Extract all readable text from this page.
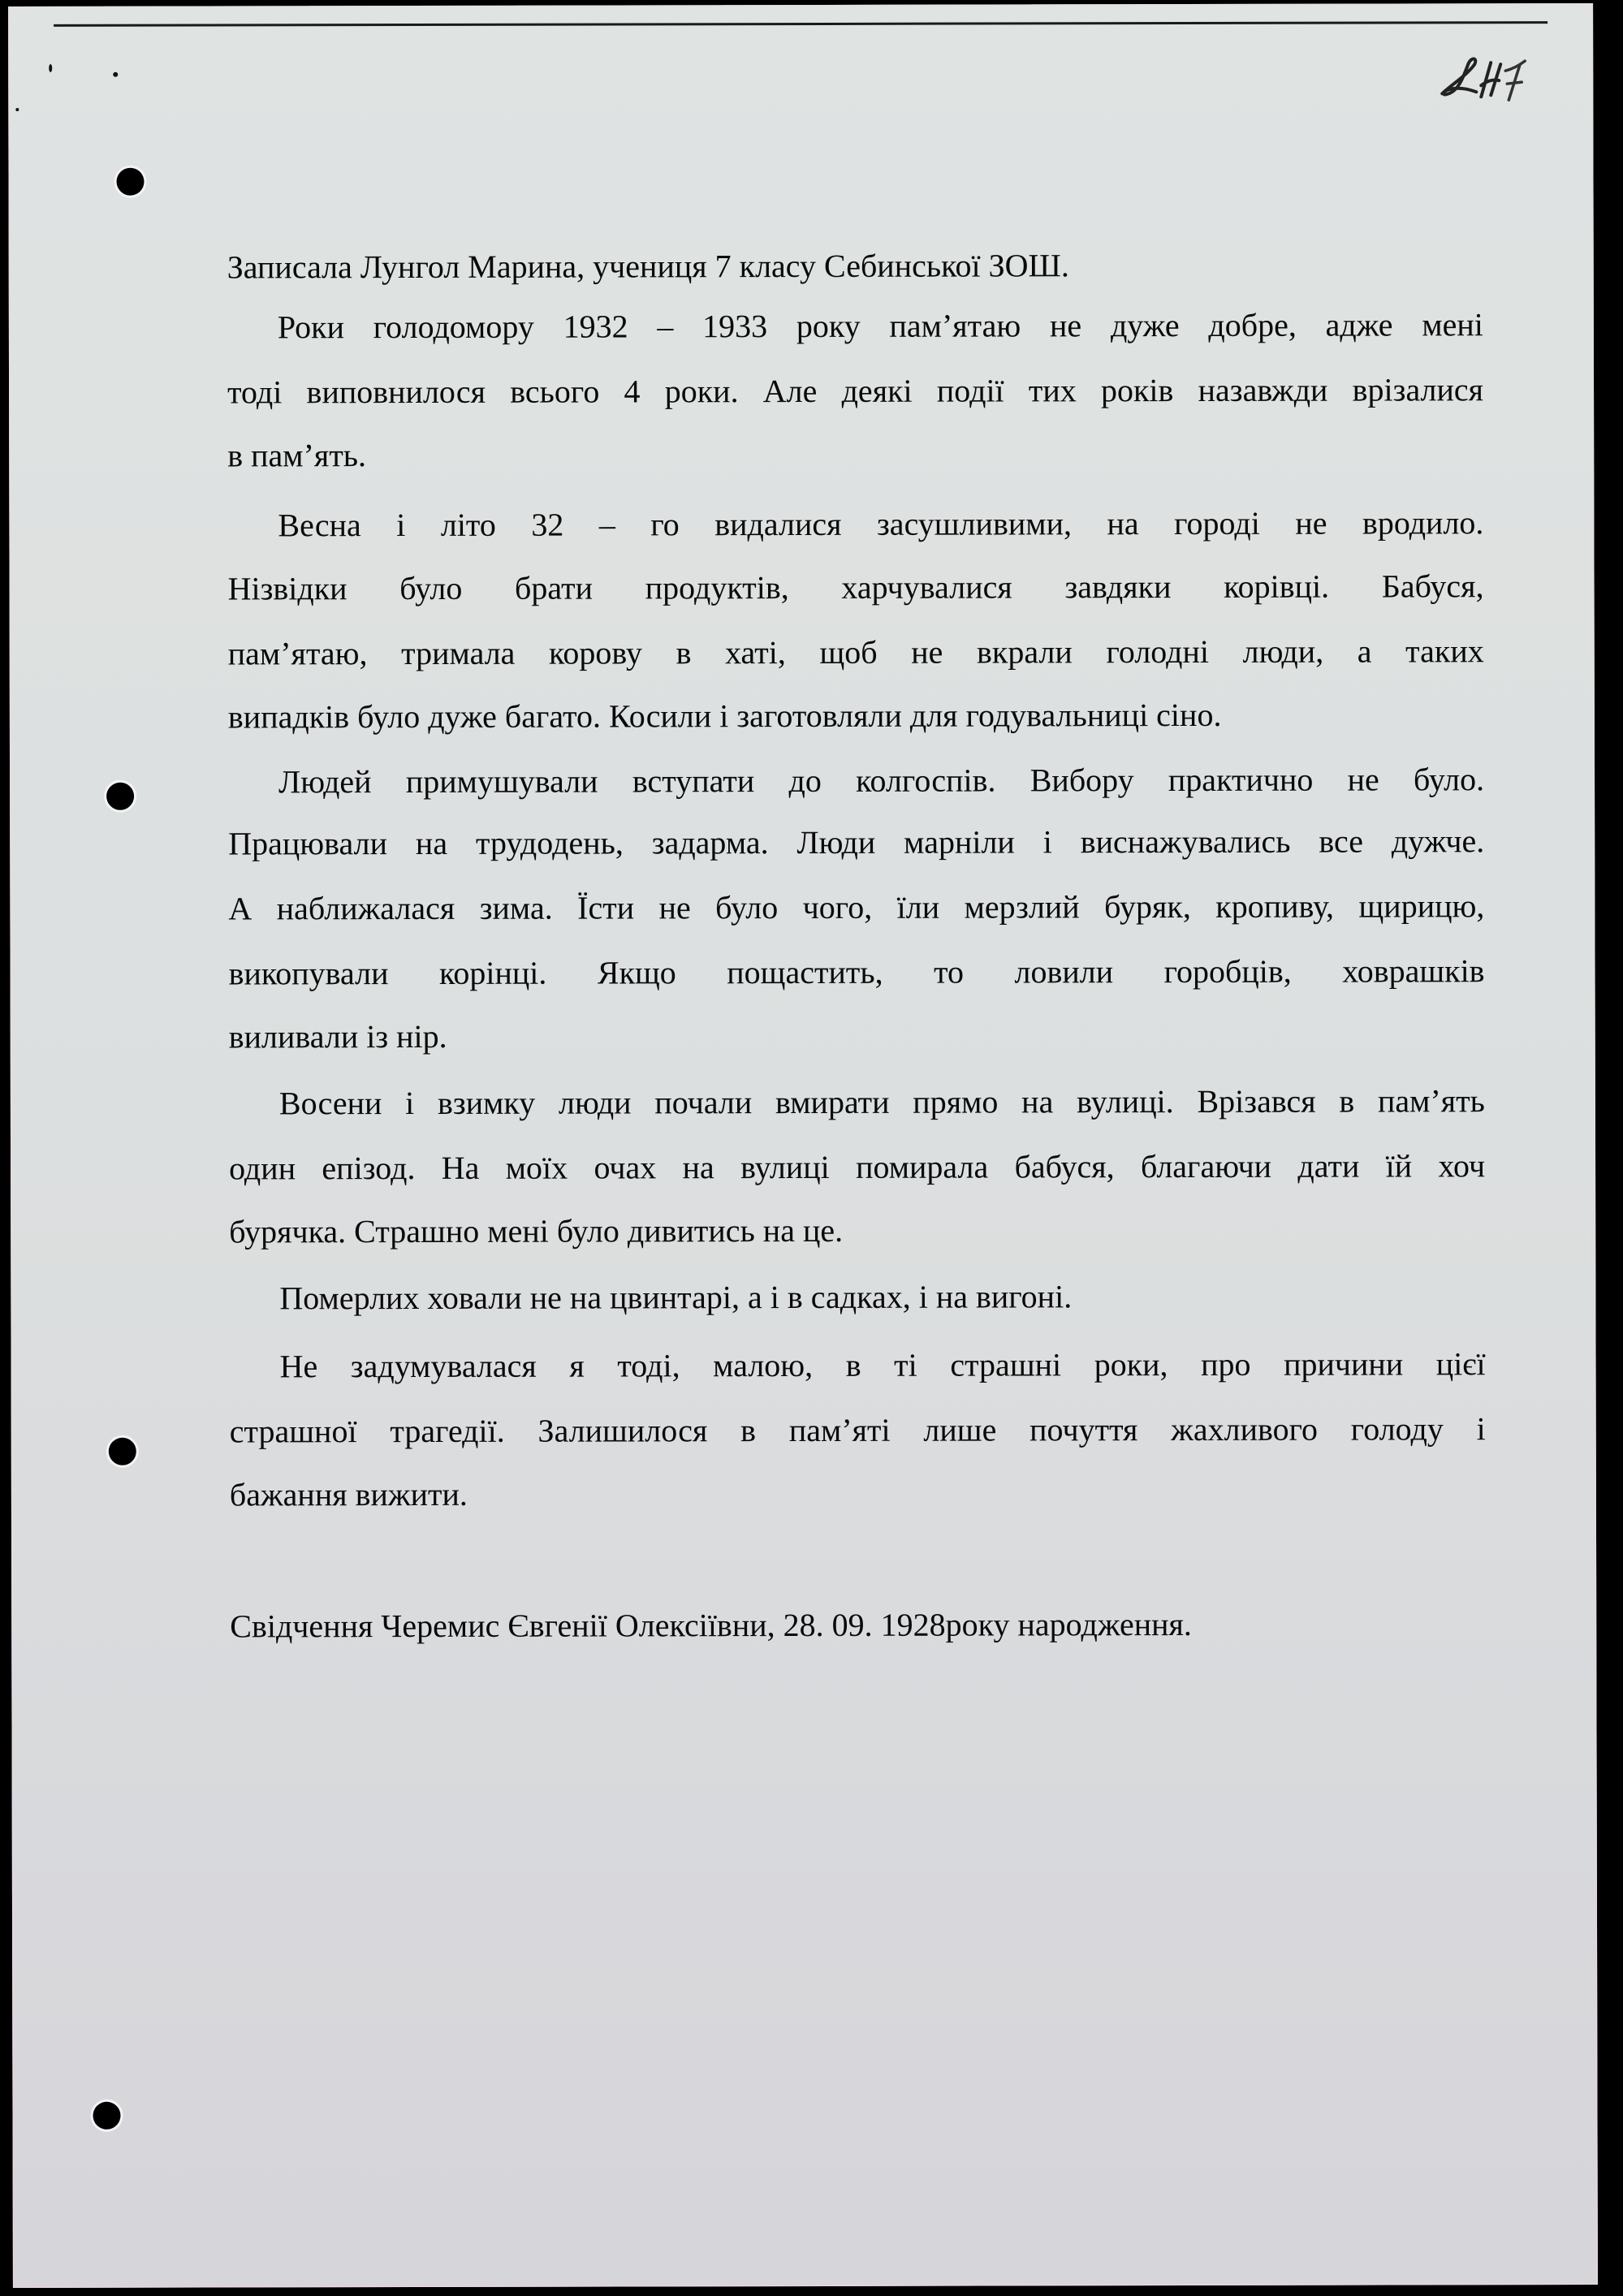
Записала Лунгол Марина, учениця 7 класу Себинської ЗОШ.
Роки голодомору 1932 – 1933 року пам’ятаю не дуже добре, адже мені
тоді виповнилося всього 4 роки. Але деякі події тих років назавжди врізалися
в пам’ять.
Весна і літо 32 – го видалися засушливими, на городі не вродило.
Нізвідки було брати продуктів, харчувалися завдяки корівці. Бабуся,
пам’ятаю, тримала корову в хаті, щоб не вкрали голодні люди, а таких
випадків було дуже багато. Косили і заготовляли для годувальниці сіно.
Людей примушували вступати до колгоспів. Вибору практично не було.
Працювали на трудодень, задарма. Люди марніли і виснажувались все дужче.
А наближалася зима. Їсти не було чого, їли мерзлий буряк, кропиву, щирицю,
викопували корінці. Якщо пощастить, то ловили горобців, ховрашків
виливали із нір.
Восени і взимку люди почали вмирати прямо на вулиці. Врізався в пам’ять
один епізод. На моїх очах на вулиці помирала бабуся, благаючи дати їй хоч
бурячка. Страшно мені було дивитись на це.
Померлих ховали не на цвинтарі, а і в садках, і на вигоні.
Не задумувалася я тоді, малою, в ті страшні роки, про причини цієї
страшної трагедії. Залишилося в пам’яті лише почуття жахливого голоду і
бажання вижити.
Свідчення Черемис Євгенії Олексіївни, 28. 09. 1928року народження.
